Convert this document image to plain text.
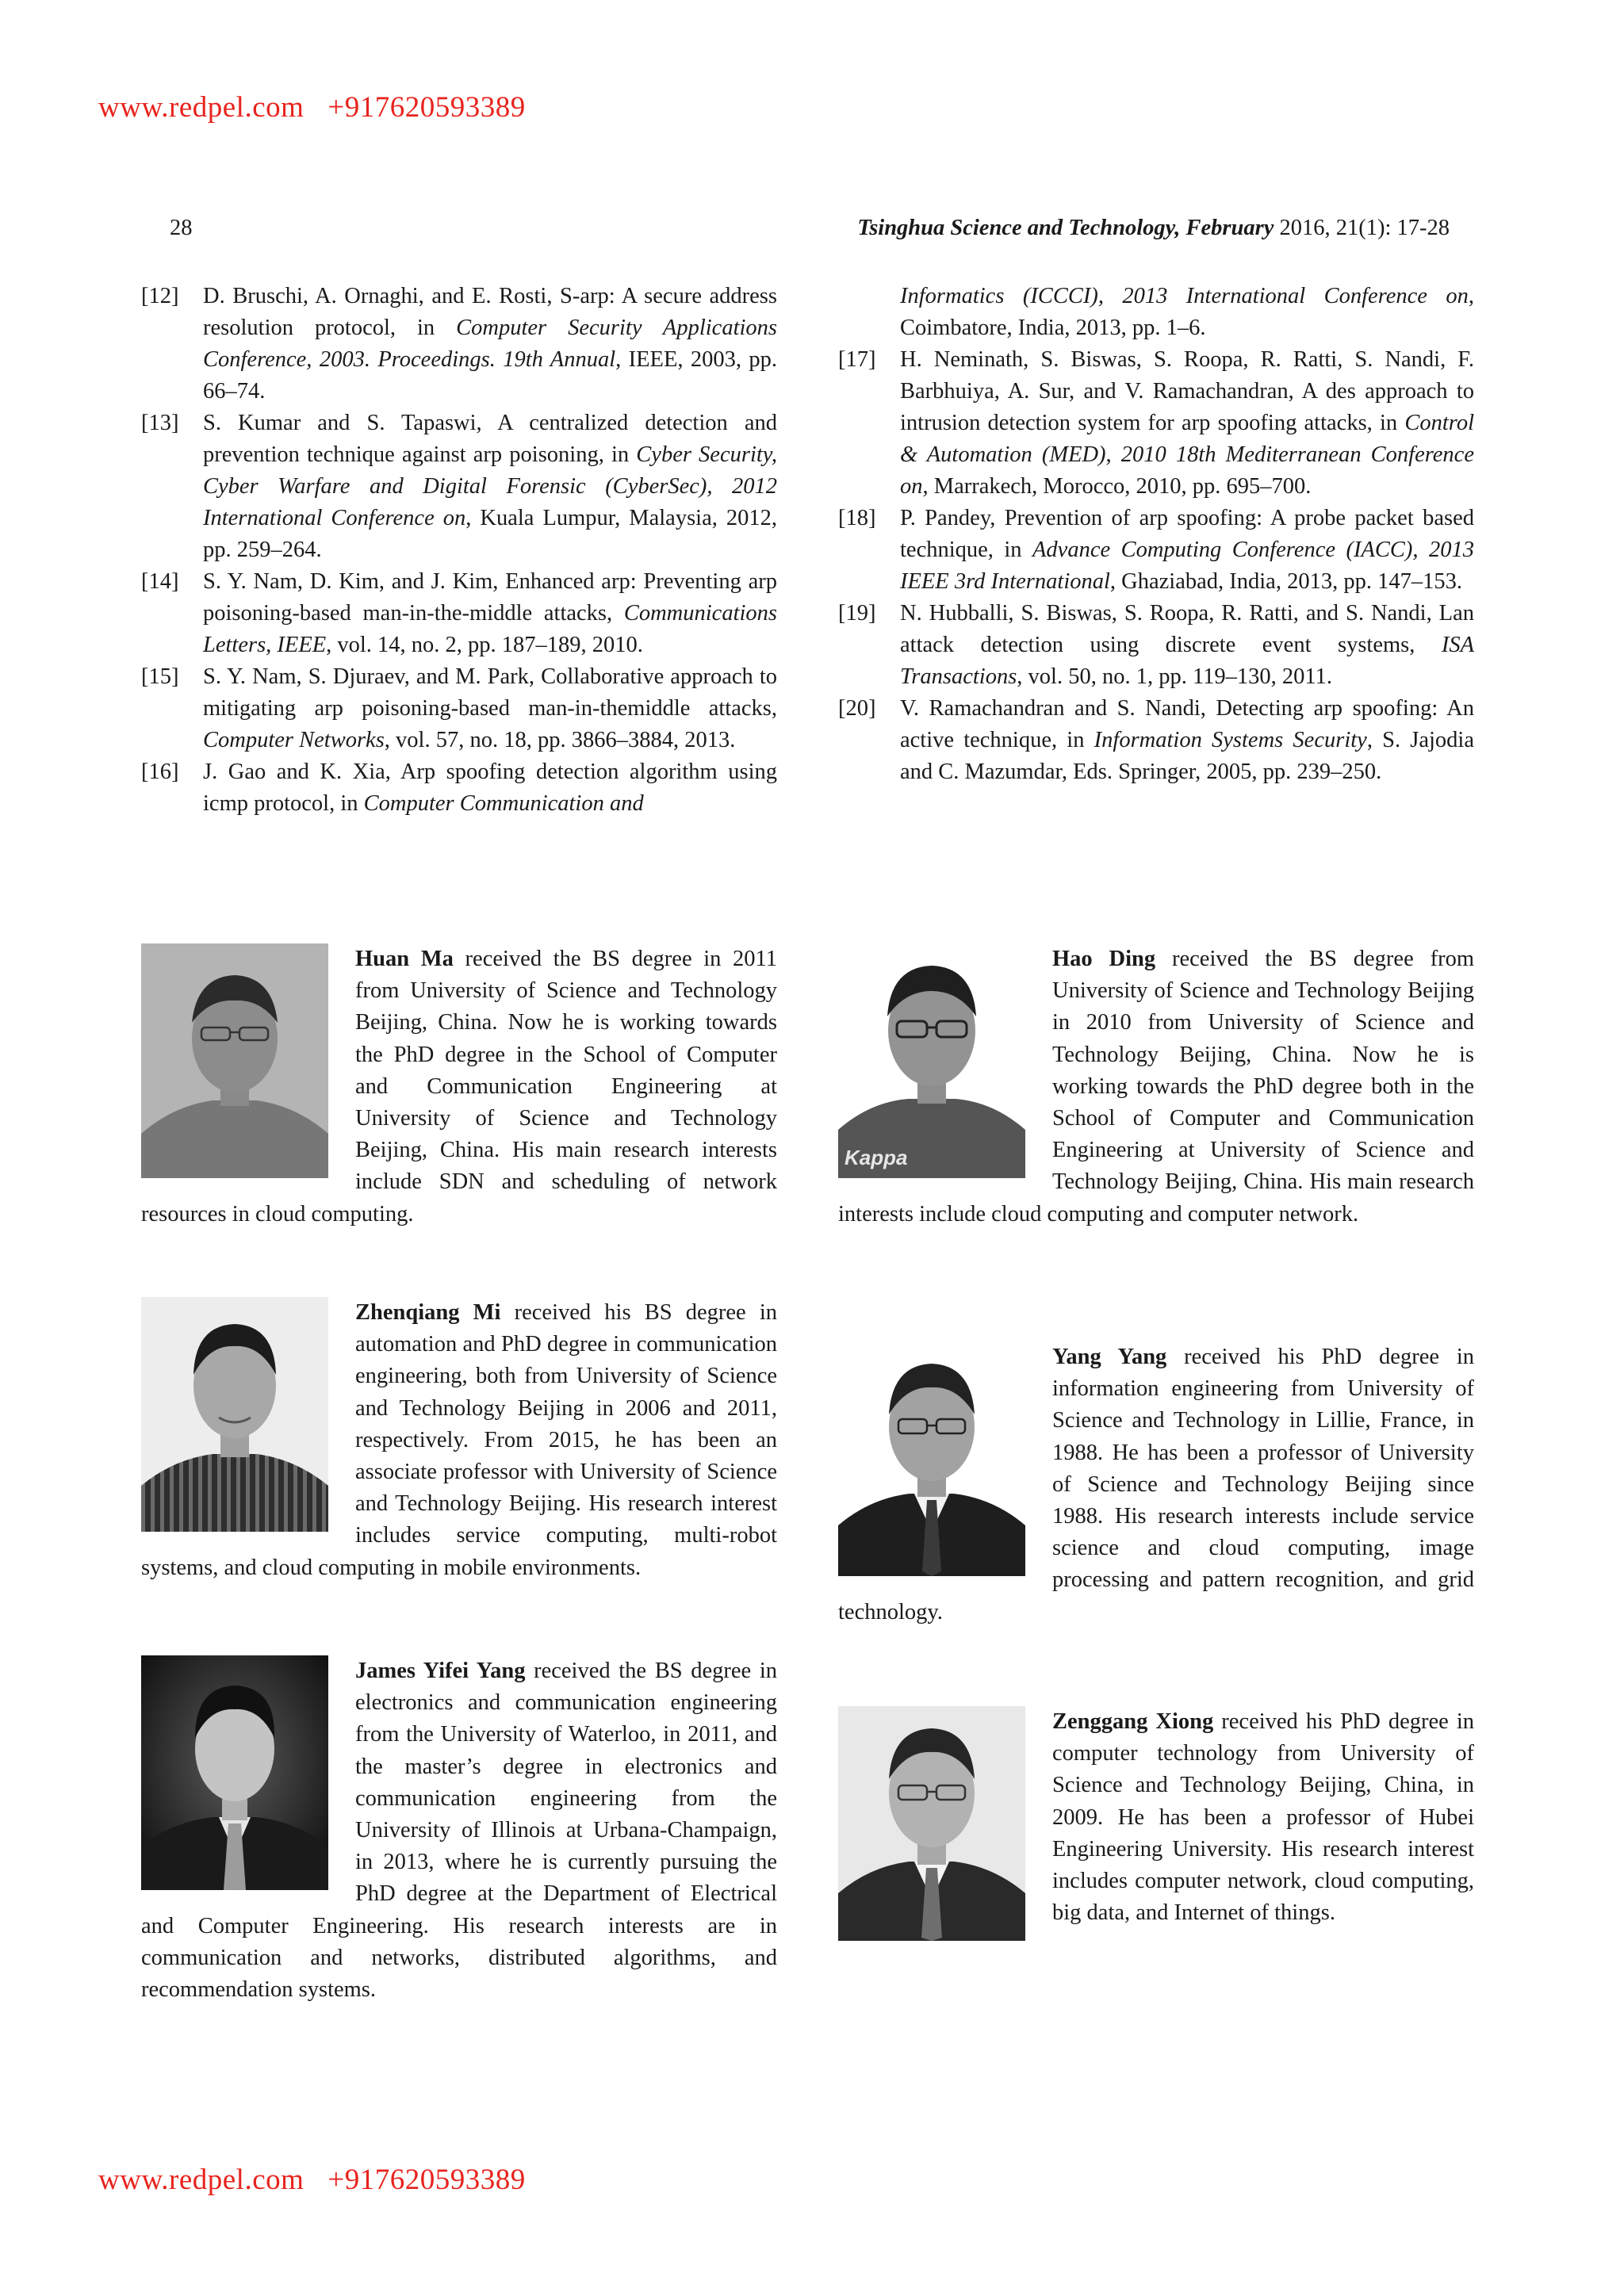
www.redpel.com +917620593389
www.redpel.com +917620593389
28	Tsinghua Science and Technology, February 2016, 21(1): 17-28
[12] D. Bruschi, A. Ornaghi, and E. Rosti, S-arp: A secure address resolution protocol, in Computer Security Applications Conference, 2003. Proceedings. 19th Annual, IEEE, 2003, pp. 66–74.
[13] S. Kumar and S. Tapaswi, A centralized detection and prevention technique against arp poisoning, in Cyber Security, Cyber Warfare and Digital Forensic (CyberSec), 2012 International Conference on, Kuala Lumpur, Malaysia, 2012, pp. 259–264.
[14] S. Y. Nam, D. Kim, and J. Kim, Enhanced arp: Preventing arp poisoning-based man-in-the-middle attacks, Communications Letters, IEEE, vol. 14, no. 2, pp. 187–189, 2010.
[15] S. Y. Nam, S. Djuraev, and M. Park, Collaborative approach to mitigating arp poisoning-based man-in-themiddle attacks, Computer Networks, vol. 57, no. 18, pp. 3866–3884, 2013.
[16] J. Gao and K. Xia, Arp spoofing detection algorithm using icmp protocol, in Computer Communication and
Informatics (ICCCI), 2013 International Conference on, Coimbatore, India, 2013, pp. 1–6.
[17] H. Neminath, S. Biswas, S. Roopa, R. Ratti, S. Nandi, F. Barbhuiya, A. Sur, and V. Ramachandran, A des approach to intrusion detection system for arp spoofing attacks, in Control & Automation (MED), 2010 18th Mediterranean Conference on, Marrakech, Morocco, 2010, pp. 695–700.
[18] P. Pandey, Prevention of arp spoofing: A probe packet based technique, in Advance Computing Conference (IACC), 2013 IEEE 3rd International, Ghaziabad, India, 2013, pp. 147–153.
[19] N. Hubballi, S. Biswas, S. Roopa, R. Ratti, and S. Nandi, Lan attack detection using discrete event systems, ISA Transactions, vol. 50, no. 1, pp. 119–130, 2011.
[20] V. Ramachandran and S. Nandi, Detecting arp spoofing: An active technique, in Information Systems Security, S. Jajodia and C. Mazumdar, Eds. Springer, 2005, pp. 239–250.
Huan Ma received the BS degree in 2011 from University of Science and Technology Beijing, China. Now he is working towards the PhD degree in the School of Computer and Communication Engineering at University of Science and Technology Beijing, China. His main research interests include SDN and scheduling of network resources in cloud computing.
Kappa
Hao Ding received the BS degree from University of Science and Technology Beijing in 2010 from University of Science and Technology Beijing, China. Now he is working towards the PhD degree both in the School of Computer and Communication Engineering at University of Science and Technology Beijing, China. His main research interests include cloud computing and computer network.
Zhenqiang Mi received his BS degree in automation and PhD degree in communication engineering, both from University of Science and Technology Beijing in 2006 and 2011, respectively. From 2015, he has been an associate professor with University of Science and Technology Beijing. His research interest includes service computing, multi-robot systems, and cloud computing in mobile environments.
Yang Yang received his PhD degree in information engineering from University of Science and Technology in Lillie, France, in 1988. He has been a professor of University of Science and Technology Beijing since 1988. His research interests include service science and cloud computing, image processing and pattern recognition, and grid technology.
James Yifei Yang received the BS degree in electronics and communication engineering from the University of Waterloo, in 2011, and the master’s degree in electronics and communication engineering from the University of Illinois at Urbana-Champaign, in 2013, where he is currently pursuing the PhD degree at the Department of Electrical and Computer Engineering. His research interests are in communication and networks, distributed algorithms, and recommendation systems.
Zenggang Xiong received his PhD degree in computer technology from University of Science and Technology Beijing, China, in 2009. He has been a professor of Hubei Engineering University. His research interest includes computer network, cloud computing, big data, and Internet of things.
